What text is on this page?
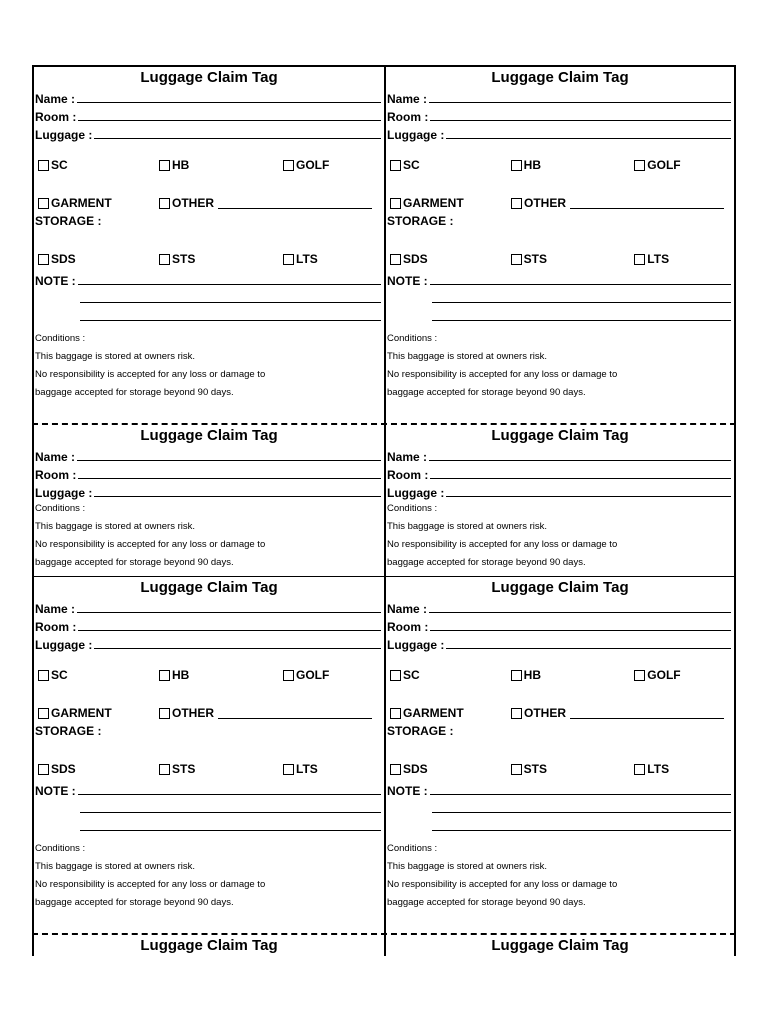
Luggage Claim Tag
Name :
Room :
Luggage :
SC	HB	GOLF
GARMENT	OTHER
STORAGE :
SDS	STS	LTS
NOTE :
Conditions :
This baggage is stored at owners risk.
No responsibility is accepted for any loss or damage to
baggage accepted for storage beyond 90 days.
Luggage Claim Tag
Name :
Room :
Luggage :
SC	HB	GOLF
GARMENT	OTHER
STORAGE :
SDS	STS	LTS
NOTE :
Conditions :
This baggage is stored at owners risk.
No responsibility is accepted for any loss or damage to
baggage accepted for storage beyond 90 days.
Luggage Claim Tag
Name :
Room :
Luggage :
Conditions :
This baggage is stored at owners risk.
No responsibility is accepted for any loss or damage to
baggage accepted for storage beyond 90 days.
Luggage Claim Tag
Name :
Room :
Luggage :
Conditions :
This baggage is stored at owners risk.
No responsibility is accepted for any loss or damage to
baggage accepted for storage beyond 90 days.
Luggage Claim Tag
Name :
Room :
Luggage :
SC	HB	GOLF
GARMENT	OTHER
STORAGE :
SDS	STS	LTS
NOTE :
Conditions :
This baggage is stored at owners risk.
No responsibility is accepted for any loss or damage to
baggage accepted for storage beyond 90 days.
Luggage Claim Tag
Name :
Room :
Luggage :
SC	HB	GOLF
GARMENT	OTHER
STORAGE :
SDS	STS	LTS
NOTE :
Conditions :
This baggage is stored at owners risk.
No responsibility is accepted for any loss or damage to
baggage accepted for storage beyond 90 days.
Luggage Claim Tag	Luggage Claim Tag
